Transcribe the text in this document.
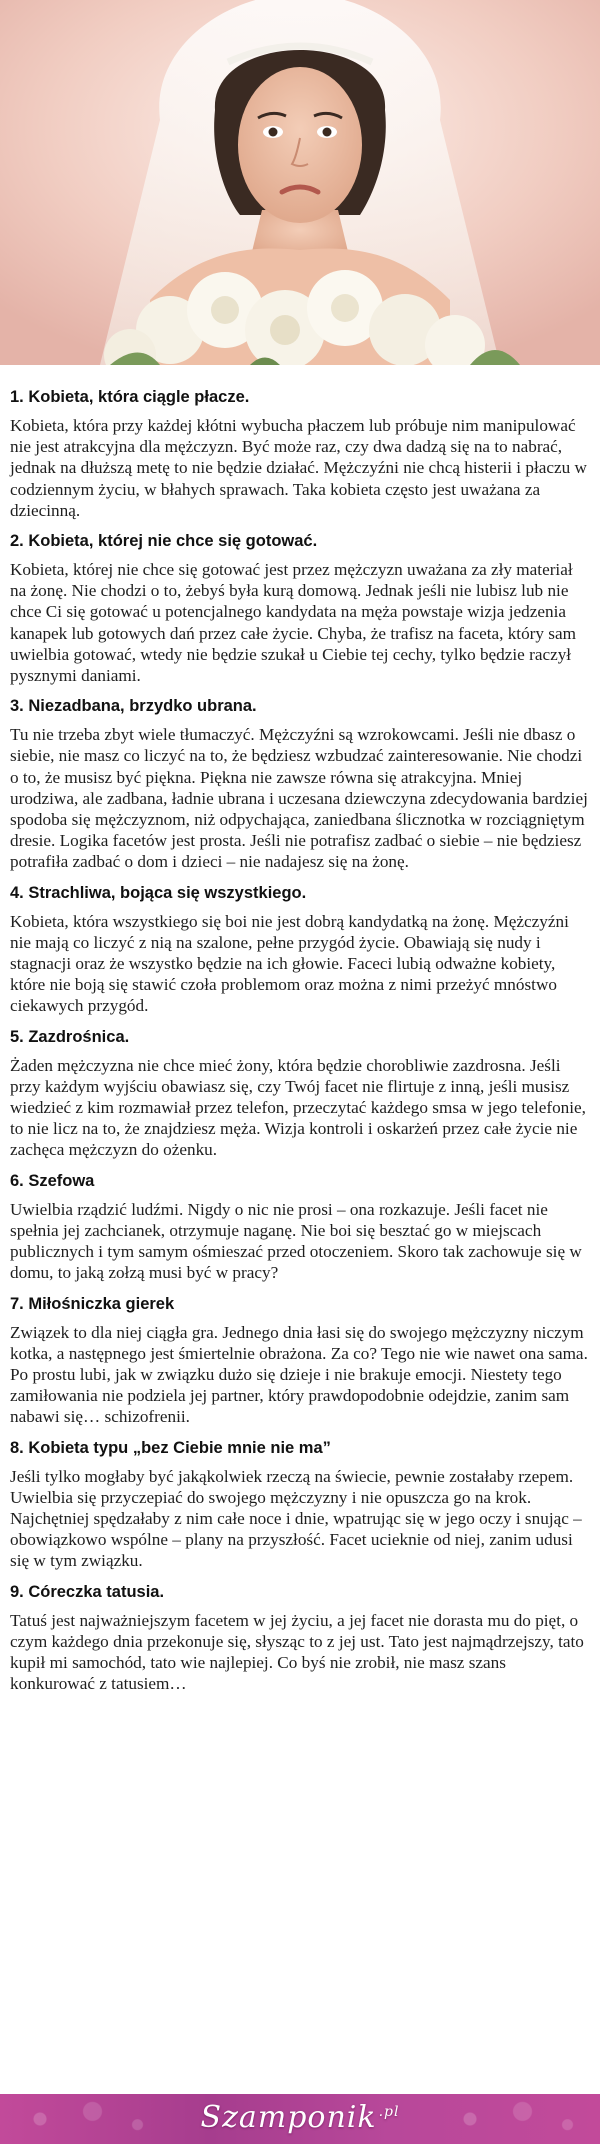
1. Kobieta, która ciągle płacze.

Kobieta, która przy każdej kłótni wybucha płaczem lub próbuje nim manipulować nie jest atrakcyjna dla mężczyzn. Być może raz, czy dwa dadzą się na to nabrać, jednak na dłuższą metę to nie będzie działać. Mężczyźni nie chcą histerii i płaczu w codziennym życiu, w błahych sprawach. Taka kobieta często jest uważana za dziecinną.

2. Kobieta, której nie chce się gotować.

Kobieta, której nie chce się gotować jest przez mężczyzn uważana za zły materiał na żonę. Nie chodzi o to, żebyś była kurą domową. Jednak jeśli nie lubisz lub nie chce Ci się gotować u potencjalnego kandydata na męża powstaje wizja jedzenia kanapek lub gotowych dań przez całe życie. Chyba, że trafisz na faceta, który sam uwielbia gotować, wtedy nie będzie szukał u Ciebie tej cechy, tylko będzie raczył pysznymi daniami.

3. Niezadbana, brzydko ubrana.

Tu nie trzeba zbyt wiele tłumaczyć. Mężczyźni są wzrokowcami. Jeśli nie dbasz o siebie, nie masz co liczyć na to, że będziesz wzbudzać zainteresowanie. Nie chodzi o to, że musisz być piękna. Piękna nie zawsze równa się atrakcyjna. Mniej urodziwa, ale zadbana, ładnie ubrana i uczesana dziewczyna zdecydowania bardziej spodoba się mężczyznom, niż odpychająca, zaniedbana ślicznotka w rozciągniętym dresie. Logika facetów jest prosta. Jeśli nie potrafisz zadbać o siebie – nie będziesz potrafiła zadbać o dom i dzieci – nie nadajesz się na żonę.

4. Strachliwa, bojąca się wszystkiego.

Kobieta, która wszystkiego się boi nie jest dobrą kandydatką na żonę. Mężczyźni nie mają co liczyć z nią na szalone, pełne przygód życie. Obawiają się nudy i stagnacji oraz że wszystko będzie na ich głowie. Faceci lubią odważne kobiety, które nie boją się stawić czoła problemom oraz można z nimi przeżyć mnóstwo ciekawych przygód.

5. Zazdrośnica.

Żaden mężczyzna nie chce mieć żony, która będzie chorobliwie zazdrosna. Jeśli przy każdym wyjściu obawiasz się, czy Twój facet nie flirtuje z inną, jeśli musisz wiedzieć z kim rozmawiał przez telefon, przeczytać każdego smsa w jego telefonie, to nie licz na to, że znajdziesz męża. Wizja kontroli i oskarżeń przez całe życie nie zachęca mężczyzn do ożenku.

6. Szefowa

Uwielbia rządzić ludźmi. Nigdy o nic nie prosi – ona rozkazuje. Jeśli facet nie spełnia jej zachcianek, otrzymuje naganę. Nie boi się besztać go w miejscach publicznych i tym samym ośmieszać przed otoczeniem. Skoro tak zachowuje się w domu, to jaką zołzą musi być w pracy?

7. Miłośniczka gierek

Związek to dla niej ciągła gra. Jednego dnia łasi się do swojego mężczyzny niczym kotka, a następnego jest śmiertelnie obrażona. Za co? Tego nie wie nawet ona sama. Po prostu lubi, jak w związku dużo się dzieje i nie brakuje emocji. Niestety tego zamiłowania nie podziela jej partner, który prawdopodobnie odejdzie, zanim sam nabawi się… schizofrenii.

8. Kobieta typu „bez Ciebie mnie nie ma”

Jeśli tylko mogłaby być jakąkolwiek rzeczą na świecie, pewnie zostałaby rzepem. Uwielbia się przyczepiać do swojego mężczyzny i nie opuszcza go na krok. Najchętniej spędzałaby z nim całe noce i dnie, wpatrując się w jego oczy i snując – obowiązkowo wspólne – plany na przyszłość. Facet ucieknie od niej, zanim udusi się w tym związku.

9. Córeczka tatusia.

Tatuś jest najważniejszym facetem w jej życiu, a jej facet nie dorasta mu do pięt, o czym każdego dnia przekonuje się, słysząc to z jej ust. Tato jest najmądrzejszy, tato kupił mi samochód, tato wie najlepiej. Co byś nie zrobił, nie masz szans konkurować z tatusiem…

Szamponik $^{.pl}$
